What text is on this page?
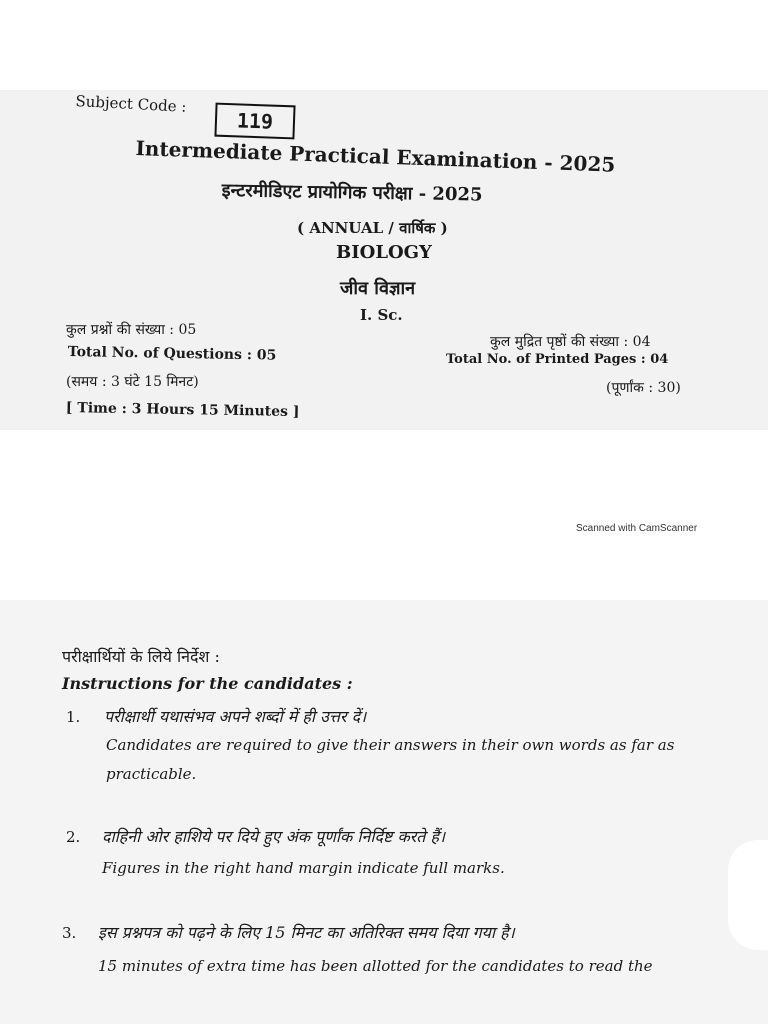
Subject Code :
119
Intermediate Practical Examination - 2025
इन्टरमीडिएट प्रायोगिक परीक्षा - 2025
( ANNUAL / वार्षिक )
BIOLOGY
जीव विज्ञान
I. Sc.
कुल प्रश्नों की संख्या : 05
Total No. of Questions : 05
(समय : 3 घंटे 15 मिनट)
[ Time : 3 Hours 15 Minutes ]
कुल मुद्रित पृष्ठों की संख्या : 04
Total No. of Printed Pages : 04
(पूर्णांक : 30)
Scanned with CamScanner
परीक्षार्थियों के लिये निर्देश :
Instructions for the candidates :
1. परीक्षार्थी यथासंभव अपने शब्दों में ही उत्तर दें।
Candidates are required to give their answers in their own words as far as
practicable.
2. दाहिनी ओर हाशिये पर दिये हुए अंक पूर्णांक निर्दिष्ट करते हैं।
Figures in the right hand margin indicate full marks.
3. इस प्रश्नपत्र को पढ़ने के लिए 15 मिनट का अतिरिक्त समय दिया गया है।
15 minutes of extra time has been allotted for the candidates to read the
